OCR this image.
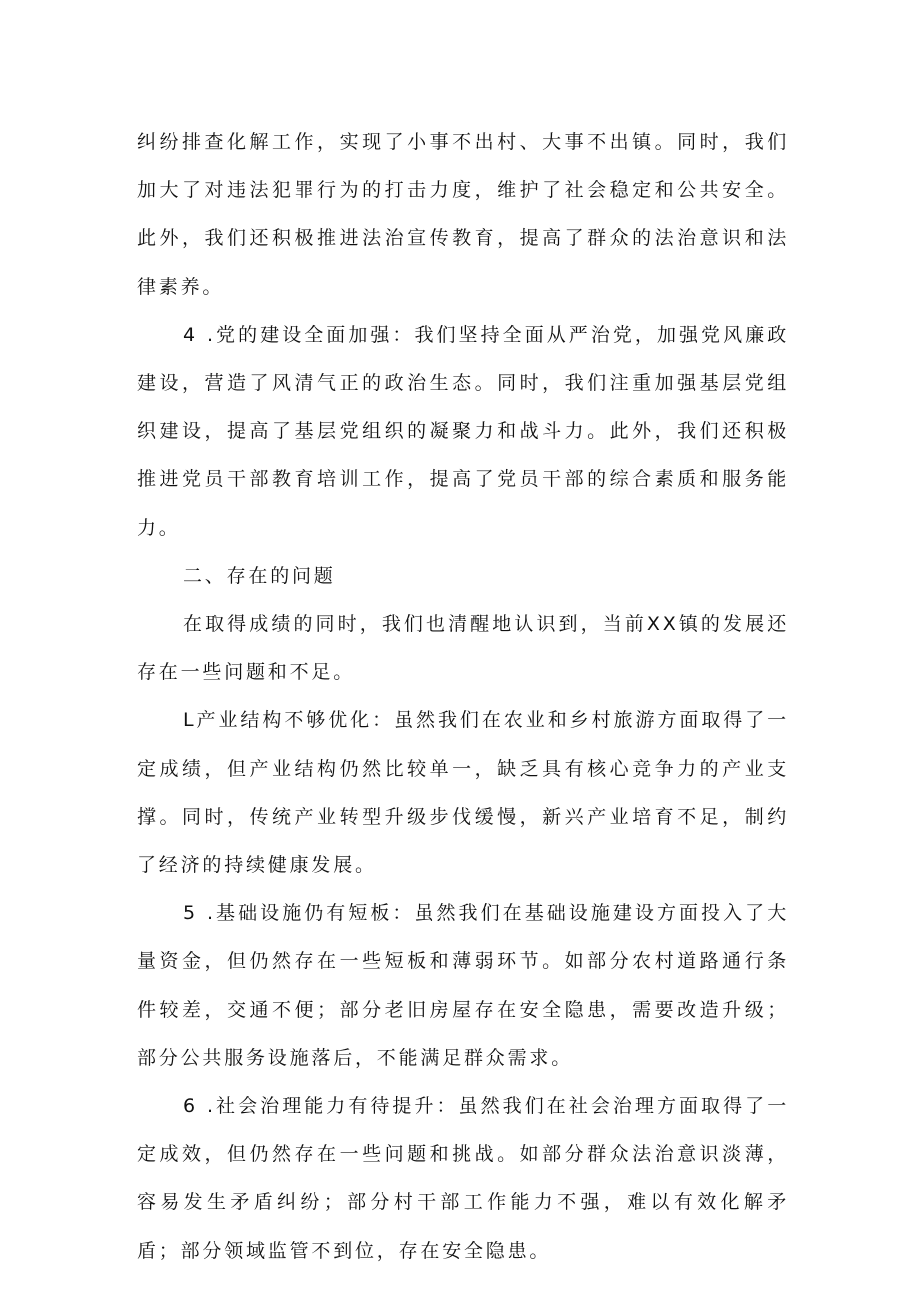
纠纷排查化解工作，实现了小事不出村、大事不出镇。同时，我们加大了对违法犯罪行为的打击力度，维护了社会稳定和公共安全。此外，我们还积极推进法治宣传教育，提高了群众的法治意识和法律素养。

4 .党的建设全面加强：我们坚持全面从严治党，加强党风廉政建设，营造了风清气正的政治生态。同时，我们注重加强基层党组织建设，提高了基层党组织的凝聚力和战斗力。此外，我们还积极推进党员干部教育培训工作，提高了党员干部的综合素质和服务能力。

二、存在的问题

在取得成绩的同时，我们也清醒地认识到，当前XX镇的发展还存在一些问题和不足。

L产业结构不够优化：虽然我们在农业和乡村旅游方面取得了一定成绩，但产业结构仍然比较单一，缺乏具有核心竞争力的产业支撑。同时，传统产业转型升级步伐缓慢，新兴产业培育不足，制约了经济的持续健康发展。

5 .基础设施仍有短板：虽然我们在基础设施建设方面投入了大量资金，但仍然存在一些短板和薄弱环节。如部分农村道路通行条件较差，交通不便；部分老旧房屋存在安全隐患，需要改造升级；部分公共服务设施落后，不能满足群众需求。

6 .社会治理能力有待提升：虽然我们在社会治理方面取得了一定成效，但仍然存在一些问题和挑战。如部分群众法治意识淡薄，容易发生矛盾纠纷；部分村干部工作能力不强，难以有效化解矛盾；部分领域监管不到位，存在安全隐患。
